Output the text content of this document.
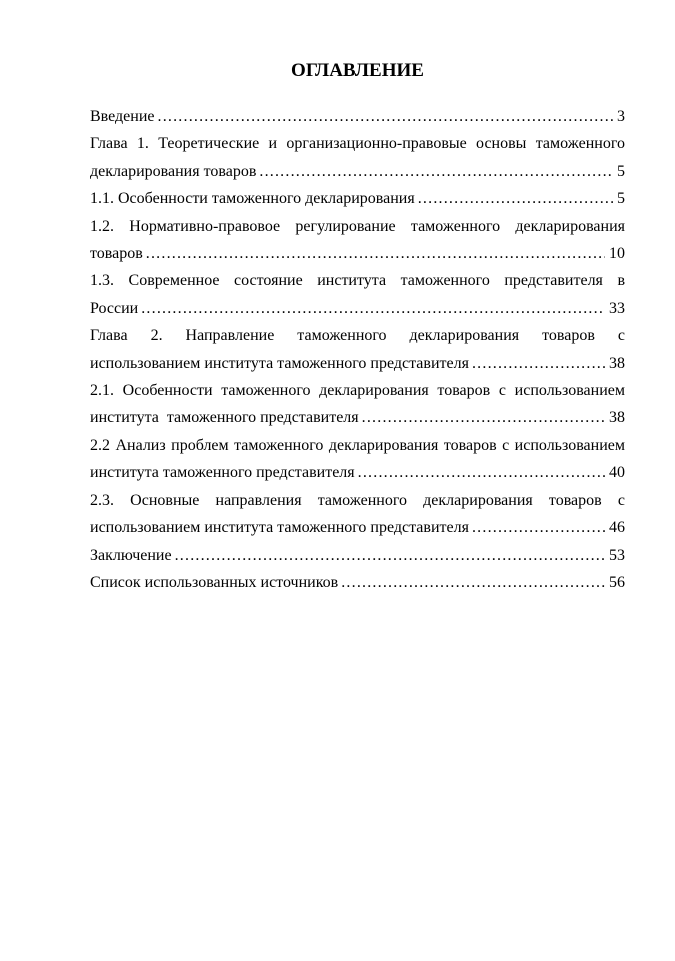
ОГЛАВЛЕНИЕ
Введение .....	3
Глава 1. Теоретические и организационно-правовые основы таможенного
декларирования товаров .....	5
1.1. Особенности таможенного декларирования .....	5
1.2. Нормативно-правовое регулирование таможенного декларирования
товаров .....	10
1.3. Современное состояние института таможенного представителя в
России .....	33
Глава 2. Направление таможенного декларирования товаров с
использованием института таможенного представителя .....	38
2.1. Особенности таможенного декларирования товаров с использованием
института  таможенного представителя .....	38
2.2 Анализ проблем таможенного декларирования товаров с использованием
института таможенного представителя .....	40
2.3. Основные направления таможенного декларирования товаров с
использованием института таможенного представителя .....	46
Заключение .....	53
Список использованных источников .....	56
